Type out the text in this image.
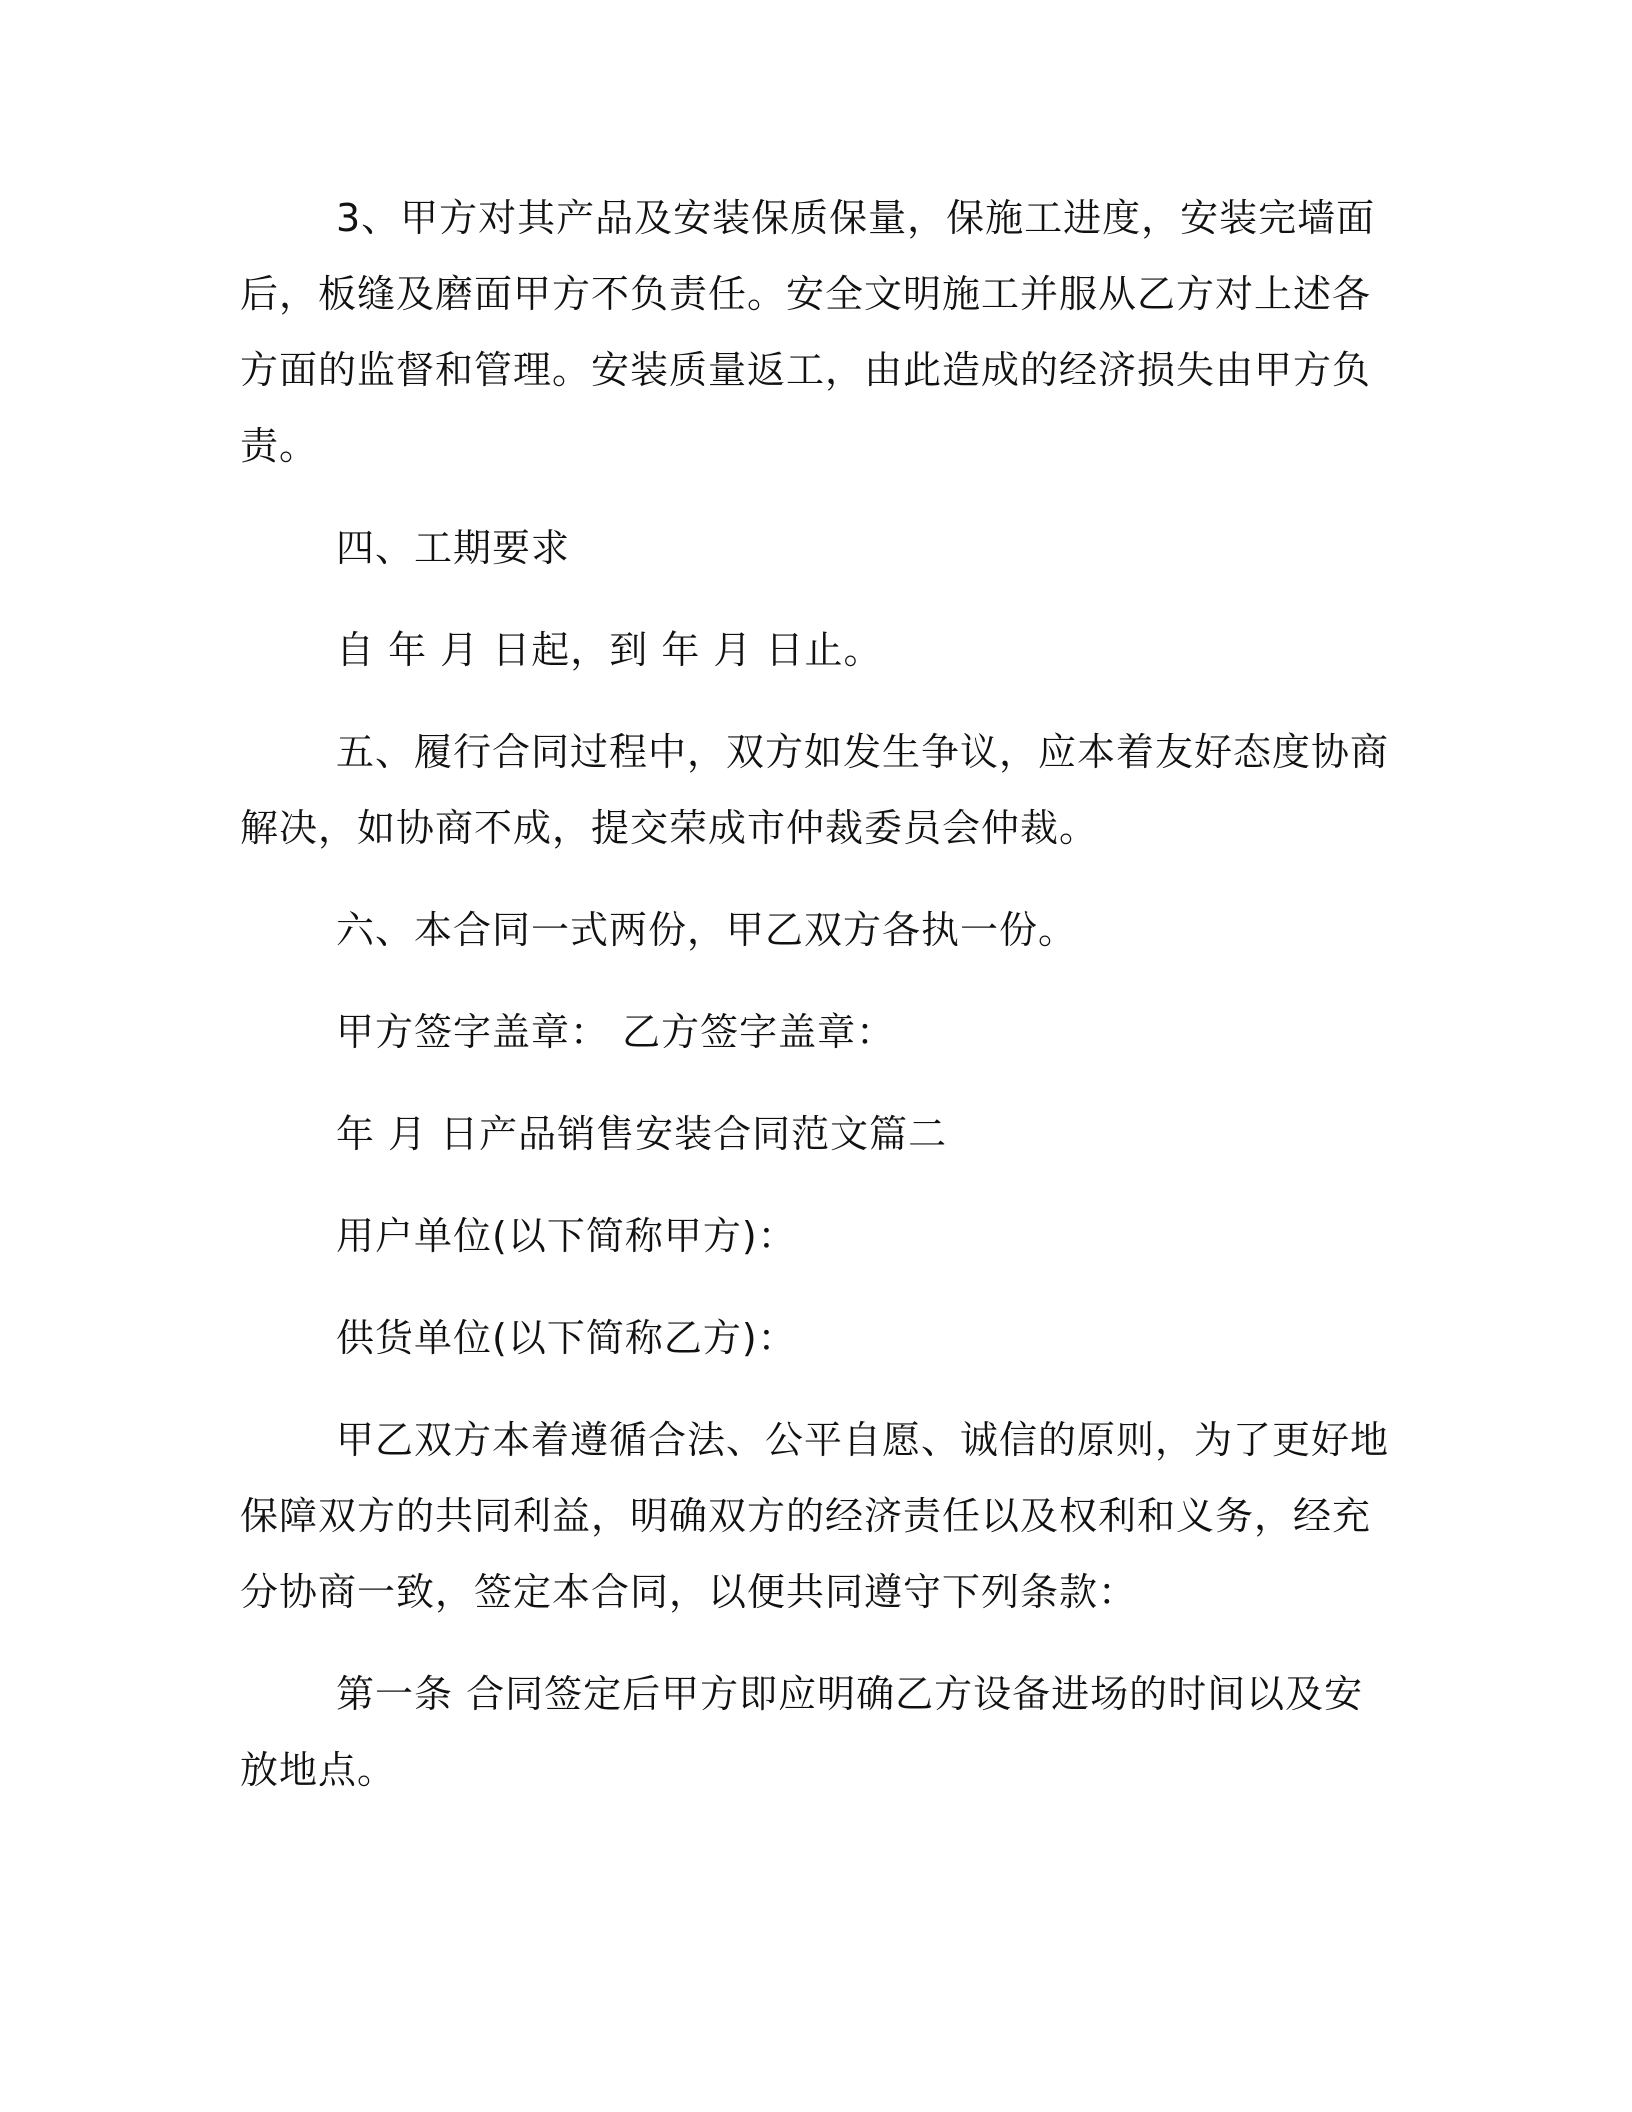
3、甲方对其产品及安装保质保量，保施工进度，安装完墙面后，板缝及磨面甲方不负责任。安全文明施工并服从乙方对上述各方面的监督和管理。安装质量返工，由此造成的经济损失由甲方负责。

四、工期要求

自 年 月 日起，到 年 月 日止。

五、履行合同过程中，双方如发生争议，应本着友好态度协商解决，如协商不成，提交荣成市仲裁委员会仲裁。

六、本合同一式两份，甲乙双方各执一份。

甲方签字盖章： 乙方签字盖章：

年 月 日产品销售安装合同范文篇二

用户单位(以下简称甲方)：

供货单位(以下简称乙方)：

甲乙双方本着遵循合法、公平自愿、诚信的原则，为了更好地保障双方的共同利益，明确双方的经济责任以及权利和义务，经充分协商一致，签定本合同，以便共同遵守下列条款：

第一条 合同签定后甲方即应明确乙方设备进场的时间以及安放地点。
